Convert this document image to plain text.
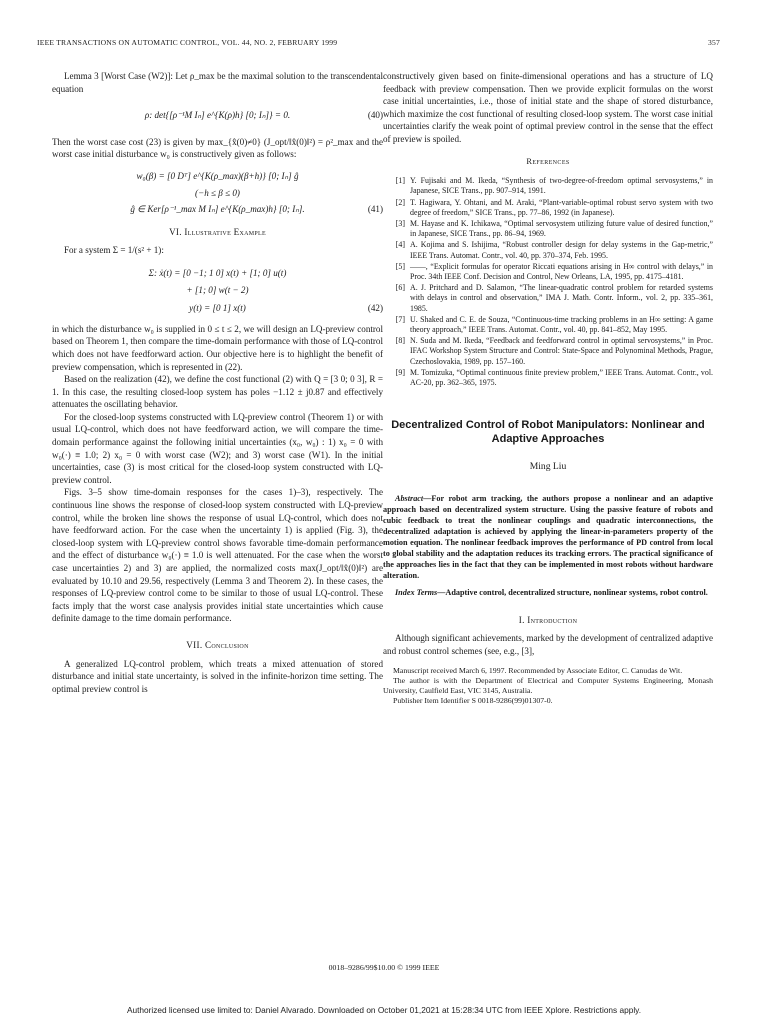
IEEE TRANSACTIONS ON AUTOMATIC CONTROL, VOL. 44, NO. 2, FEBRUARY 1999	357

Lemma 3 [Worst Case (W2)]: Let ρ_max be the maximal solution to the transcendental equation

ρ: det{[ρ⁻¹M Iₙ] e^{K(ρ)h} [0; Iₙ]} = 0.	(40)

Then the worst case cost (23) is given by max_{x̂(0)≠0} (J_opt/‖x̂(0)‖²) = ρ²_max and the worst case initial disturbance w₀ is constructively given as follows:

w₀(β) = [0 Dᵀ] e^{K(ρ_max)(β+h)} [0; Iₙ] ĝ
(−h ≤ β ≤ 0)
ĝ ∈ Ker[ρ⁻¹_max M Iₙ] e^{K(ρ_max)h} [0; Iₙ].	(41)
VI. Illustrative Example

For a system Σ = 1/(s² + 1):

Σ: ẋ(t) = [0 −1; 1 0] x(t) + [1; 0] u(t)
+ [1; 0] w(t − 2)
y(t) = [0 1] x(t)	(42)

in which the disturbance w₀ is supplied in 0 ≤ t ≤ 2, we will design an LQ-preview control based on Theorem 1, then compare the time-domain performance with those of LQ-control which does not have feedforward action. Our objective here is to highlight the benefit of preview compensation, which is represented in (22).

Based on the realization (42), we define the cost functional (2) with Q = [3 0; 0 3], R = 1. In this case, the resulting closed-loop system has poles −1.12 ± j0.87 and effectively attenuates the oscillating behavior.

For the closed-loop systems constructed with LQ-preview control (Theorem 1) or with usual LQ-control, which does not have feedforward action, we will compare the time-domain performance against the following initial uncertainties (x₀, w₀) : 1) x₀ = 0 with w₀(·) ≡ 1.0; 2) x₀ = 0 with worst case (W2); and 3) worst case (W1). In the initial uncertainties, case (3) is most critical for the closed-loop system constructed with LQ-preview control.

Figs. 3–5 show time-domain responses for the cases 1)–3), respectively. The continuous line shows the response of closed-loop system constructed with LQ-preview control, while the broken line shows the response of usual LQ-control, which does not have feedforward action. For the case when the uncertainty 1) is applied (Fig. 3), the closed-loop system with LQ-preview control shows favorable time-domain performance and the effect of disturbance w₀(·) ≡ 1.0 is well attenuated. For the case when the worst case uncertainties 2) and 3) are applied, the normalized costs max(J_opt/‖x̂(0)‖²) are evaluated by 10.10 and 29.56, respectively (Lemma 3 and Theorem 2). In these cases, the responses of LQ-preview control come to be similar to those of usual LQ-control. These facts imply that the worst case analysis provides initial state uncertainties which cause definite damage to the time domain performance.

VII. Conclusion

A generalized LQ-control problem, which treats a mixed attenuation of stored disturbance and initial state uncertainty, is solved in the infinite-horizon time setting. The optimal preview control is

constructively given based on finite-dimensional operations and has a structure of LQ feedback with preview compensation. Then we provide explicit formulas on the worst case initial uncertainties, i.e., those of initial state and the shape of stored disturbance, which maximize the cost functional of resulting closed-loop system. The worst case initial uncertainties clarify the weak point of optimal preview control in the sense that the effect of preview is spoiled.

References
[1] Y. Fujisaki and M. Ikeda, “Synthesis of two-degree-of-freedom optimal servosystems,” in Japanese, SICE Trans., pp. 907–914, 1991.
[2] T. Hagiwara, Y. Ohtani, and M. Araki, “Plant-variable-optimal robust servo system with two degree of freedom,” SICE Trans., pp. 77–86, 1992 (in Japanese).
[3] M. Hayase and K. Ichikawa, “Optimal servosystem utilizing future value of desired function,” in Japanese, SICE Trans., pp. 86–94, 1969.
[4] A. Kojima and S. Ishijima, “Robust controller design for delay systems in the Gap-metric,” IEEE Trans. Automat. Contr., vol. 40, pp. 370–374, Feb. 1995.
[5] ——, “Explicit formulas for operator Riccati equations arising in H∞ control with delays,” in Proc. 34th IEEE Conf. Decision and Control, New Orleans, LA, 1995, pp. 4175–4181.
[6] A. J. Pritchard and D. Salamon, “The linear-quadratic control problem for retarded systems with delays in control and observation,” IMA J. Math. Contr. Inform., vol. 2, pp. 335–361, 1985.
[7] U. Shaked and C. E. de Souza, “Continuous-time tracking problems in an H∞ setting: A game theory approach,” IEEE Trans. Automat. Contr., vol. 40, pp. 841–852, May 1995.
[8] N. Suda and M. Ikeda, “Feedback and feedforward control in optimal servosystems,” in Proc. IFAC Workshop System Structure and Control: State-Space and Polynominal Methods, Prague, Czechoslovakia, 1989, pp. 157–160.
[9] M. Tomizuka, “Optimal continuous finite preview problem,” IEEE Trans. Automat. Contr., vol. AC-20, pp. 362–365, 1975.
Decentralized Control of Robot Manipulators: Nonlinear and Adaptive Approaches
Ming Liu

Abstract—For robot arm tracking, the authors propose a nonlinear and an adaptive approach based on decentralized system structure. Using the passive feature of robots and cubic feedback to treat the nonlinear couplings and quadratic interconnections, the decentralized adaptation is achieved by applying the linear-in-parameters property of the motion equation. The nonlinear feedback improves the performance of PD control from local to global stability and the adaptation reduces its tracking errors. The practical significance of the approaches lies in the fact that they can be implemented in most robots without hardware alteration.

Index Terms—Adaptive control, decentralized structure, nonlinear systems, robot control.

I. Introduction

Although significant achievements, marked by the development of centralized adaptive and robust control schemes (see, e.g., [3],

Manuscript received March 6, 1997. Recommended by Associate Editor, C. Canudas de Wit.

The author is with the Department of Electrical and Computer Systems Engineering, Monash University, Caulfield East, VIC 3145, Australia.

Publisher Item Identifier S 0018-9286(99)01307-0.

0018–9286/99$10.00 © 1999 IEEE
Authorized licensed use limited to: Daniel Alvarado. Downloaded on October 01,2021 at 15:28:34 UTC from IEEE Xplore. Restrictions apply.
